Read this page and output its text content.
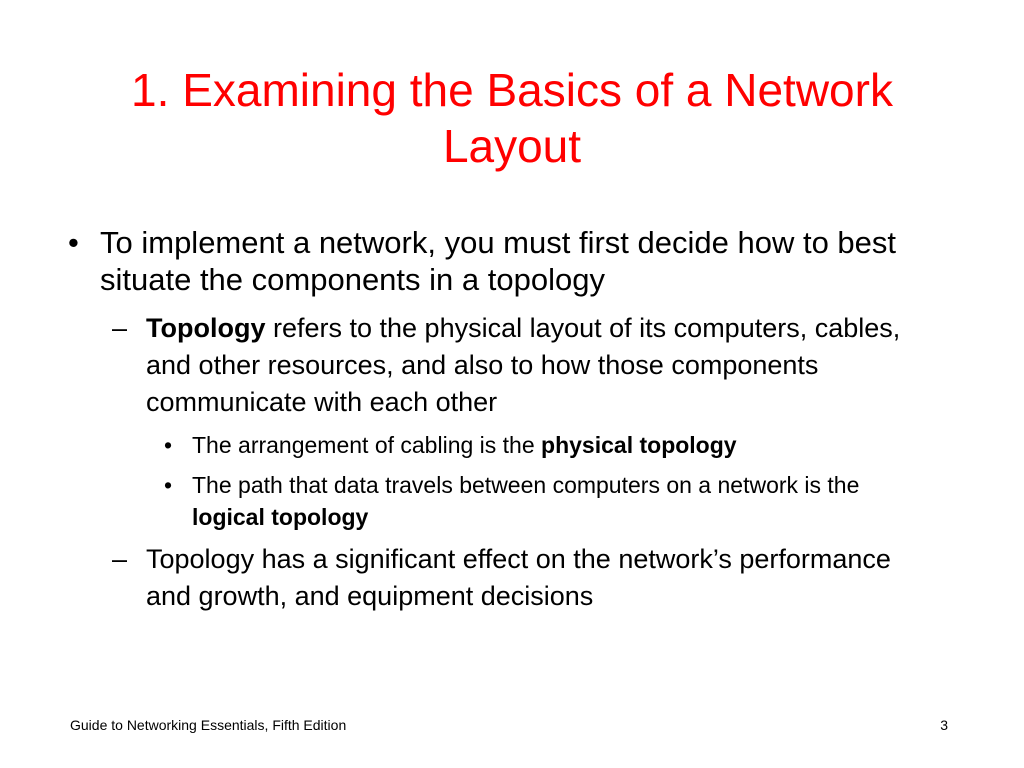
1. Examining the Basics of a Network
Layout
• To implement a network, you must first decide how to best situate the components in a topology
– Topology refers to the physical layout of its computers, cables, and other resources, and also to how those components communicate with each other
• The arrangement of cabling is the physical topology
• The path that data travels between computers on a network is the logical topology
– Topology has a significant effect on the network’s performance and growth, and equipment decisions
Guide to Networking Essentials, Fifth Edition	3
